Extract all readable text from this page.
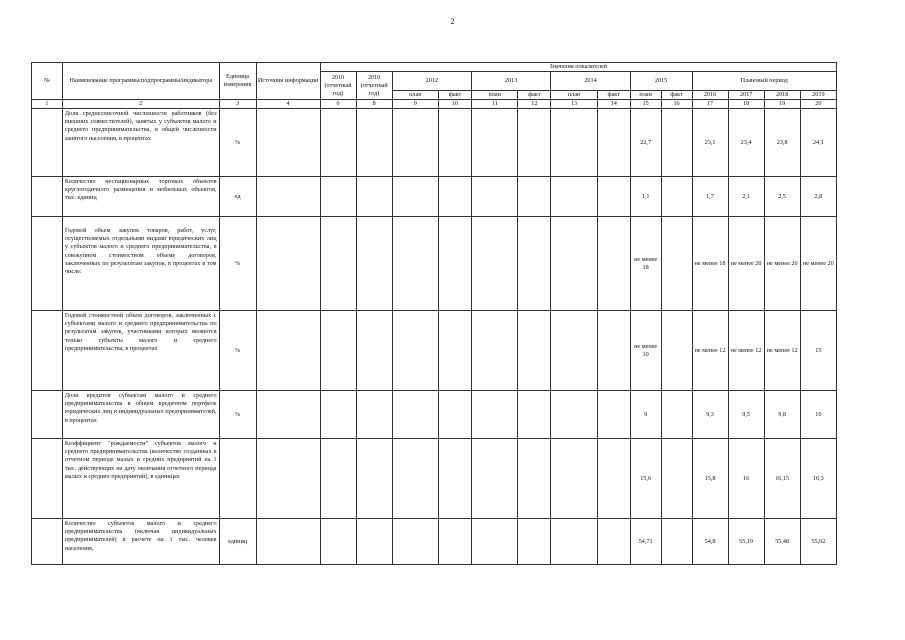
2
№	Наименование программы/подпрограммы/индикатора	Единица измерения	Источник информации	Значения показателей													
				2010 (отчетный год)	2010 (отчетный год)	2012		2013		2014		2015		Плановый период			
						план	факт	план	факт	план	факт	план	факт	2016	2017	2018	2019
1	2	3	4	6	8	9	10	11	12	13	14	15	16	17	18	19	20
	Доля среднесписочной численности работников (без внешних совместителей), занятых у субъектов малого и среднего предпринимательства, в общей численности занятого населения, в процентах	%										22,7		23,1	23,4	23,8	24,1
	Количество нестационарных торговых объектов круглогодичного размещения и мобильных объектов, тыс. единиц	ед										1,1		1,7	2,1	2,5	2,8
	Годовой объем закупок товаров, работ, услуг, осуществляемых отдельными видами юридических лиц у субъектов малого и среднего предпринимательства, в совокупном стоимостном объеме договоров, заключенных по результатам закупок, в процентах в том числе:	%										не менее 18		не менее 18	не менее 20	не менее 20	не менее 20
	Годовой стоимостной объем договоров, заключенных с субъектами малого и среднего предпринимательства по результатам закупок, участниками которых являются только субъекты малого и среднего предпринимательства, в процентах	%										не менее 10		не менее 12	не менее 12	не менее 12	15
	Доля кредитов субъектам малого и среднего предпринимательства в общем кредитном портфеле юридических лиц и индивидуальных предпринимателей, в процентах	%										9		9,3	9,5	9,8	10
	Коэффициент "рождаемости" субъектов малого и среднего предпринимательства (количество созданных в отчетном периоде малых и средних предприятий на 1 тыс. действующих на дату окончания отчетного периода малых и средних предприятий), в единицах											15,6		15,8	16	16,15	16,3
	Количество субъектов малого и среднего предпринимательства (включая индивидуальных предпринимателей) в расчете на 1 тыс. человек населения,	единиц										54,71		54,8	55,19	55,48	55,62
